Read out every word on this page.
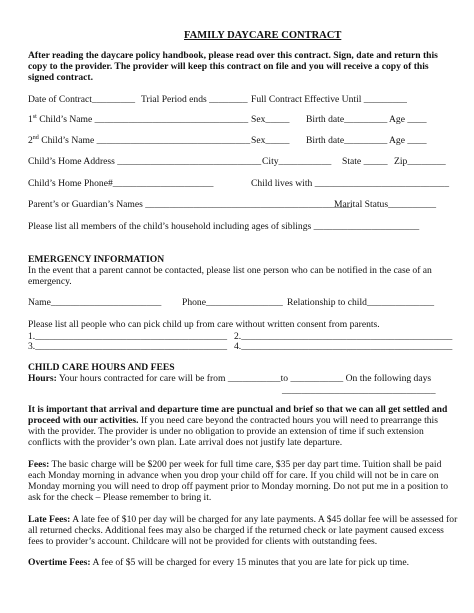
FAMILY DAYCARE CONTRACT
After reading the daycare policy handbook, please read over this contract. Sign, date and return this
copy to the provider. The provider will keep this contract on file and you will receive a copy of this
signed contract.
Date of Contract_________ Trial Period ends ________ Full Contract Effective Until _________
1st Child’s Name ________________________________ Sex_____ Birth date_________ Age ____
2nd Child’s Name ________________________________ Sex_____ Birth date_________ Age ____
Child’s Home Address ______________________________ City___________ State _____ Zip________
Child’s Home Phone#_____________________	Child lives with ____________________________
Parent’s or Guardian’s Names ___________________________________________
Marital Status__________
Please list all members of the child’s household including ages of siblings ______________________
EMERGENCY INFORMATION
In the event that a parent cannot be contacted, please list one person who can be notified in the case of an
emergency.
Name_______________________ Phone________________ Relationship to child______________
Please list all people who can pick child up from care without written consent from parents.
1.________________________________________ 2.____________________________________________
3.________________________________________ 4.____________________________________________
CHILD CARE HOURS AND FEES
Hours: Your hours contracted for care will be from ___________to ___________ On the following days
________________________________
It is important that arrival and departure time are punctual and brief so that we can all get settled and
proceed with our activities. If you need care beyond the contracted hours you will need to prearrange this
with the provider. The provider is under no obligation to provide an extension of time if such extension
conflicts with the provider’s own plan. Late arrival does not justify late departure.
Fees: The basic charge will be $200 per week for full time care, $35 per day part time. Tuition shall be paid
each Monday morning in advance when you drop your child off for care. If you child will not be in care on
Monday morning you will need to drop off payment prior to Monday morning. Do not put me in a position to
ask for the check – Please remember to bring it.
Late Fees: A late fee of $10 per day will be charged for any late payments. A $45 dollar fee will be assessed for
all returned checks. Additional fees may also be charged if the returned check or late payment caused excess
fees to provider’s account. Childcare will not be provided for clients with outstanding fees.
Overtime Fees: A fee of $5 will be charged for every 15 minutes that you are late for pick up time.
